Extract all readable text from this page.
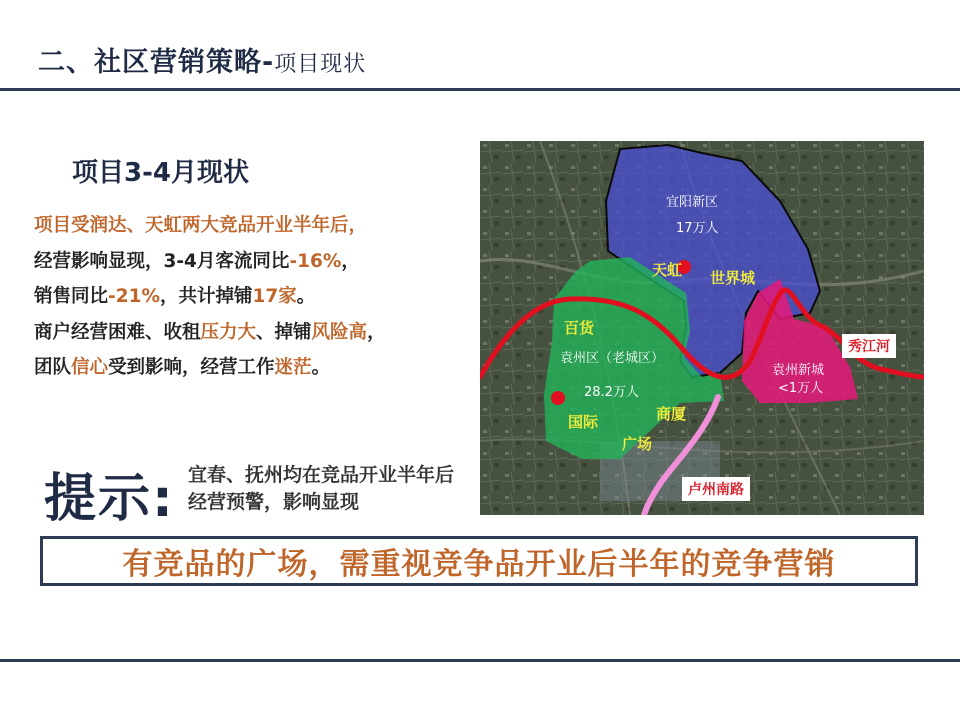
二、社区营销策略-项目现状
项目3-4月现状
项目受润达、天虹两大竞品开业半年后，
经营影响显现，3-4月客流同比-16%，
销售同比-21%，共计掉铺17家。
商户经营困难、收租压力大、掉铺风险高，
团队信心受到影响，经营工作迷茫。
提示: 宜春、抚州均在竞品开业半年后经营预警，影响显现
宜阳新区
17万人
天虹 世界城
百货
袁州区（老城区）
28.2万人
国际	商厦
广场
袁州新城
<1万人
秀江河
卢州南路
有竞品的广场，需重视竞争品开业后半年的竞争营销
